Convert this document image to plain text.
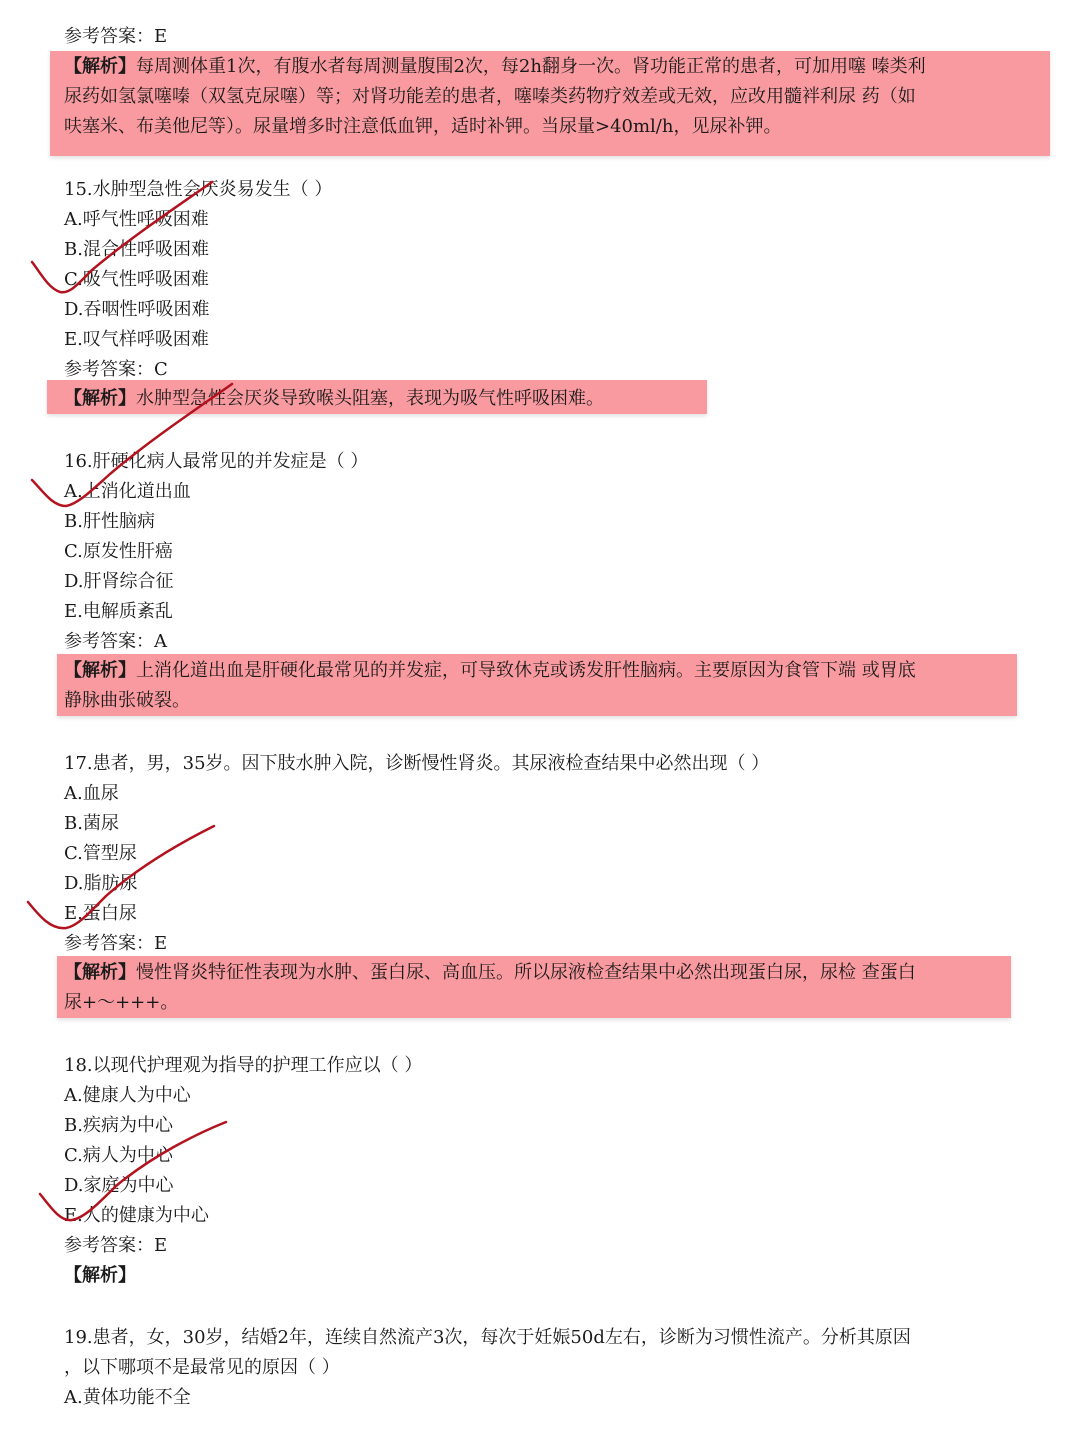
参考答案：E
【解析】每周测体重1次，有腹水者每周测量腹围2次，每2h翻身一次。肾功能正常的患者，可加用噻 嗪类利
尿药如氢氯噻嗪（双氢克尿噻）等；对肾功能差的患者，噻嗪类药物疗效差或无效，应改用髓袢利尿 药（如
呋塞米、布美他尼等）。尿量增多时注意低血钾，适时补钾。当尿量>40ml/h，见尿补钾。
15.水肿型急性会厌炎易发生（ ）
A.呼气性呼吸困难
B.混合性呼吸困难
C.吸气性呼吸困难
D.吞咽性呼吸困难
E.叹气样呼吸困难
参考答案：C
【解析】水肿型急性会厌炎导致喉头阻塞，表现为吸气性呼吸困难。
16.肝硬化病人最常见的并发症是（ ）
A.上消化道出血
B.肝性脑病
C.原发性肝癌
D.肝肾综合征
E.电解质紊乱
参考答案：A
【解析】上消化道出血是肝硬化最常见的并发症，可导致休克或诱发肝性脑病。主要原因为食管下端 或胃底
静脉曲张破裂。
17.患者，男，35岁。因下肢水肿入院，诊断慢性肾炎。其尿液检查结果中必然出现（ ）
A.血尿
B.菌尿
C.管型尿
D.脂肪尿
E.蛋白尿
参考答案：E
【解析】慢性肾炎特征性表现为水肿、蛋白尿、高血压。所以尿液检查结果中必然出现蛋白尿，尿检 查蛋白
尿+～+++。
18.以现代护理观为指导的护理工作应以（ ）
A.健康人为中心
B.疾病为中心
C.病人为中心
D.家庭为中心
E.人的健康为中心
参考答案：E
【解析】
19.患者，女，30岁，结婚2年，连续自然流产3次，每次于妊娠50d左右，诊断为习惯性流产。分析其原因
，以下哪项不是最常见的原因（ ）
A.黄体功能不全
